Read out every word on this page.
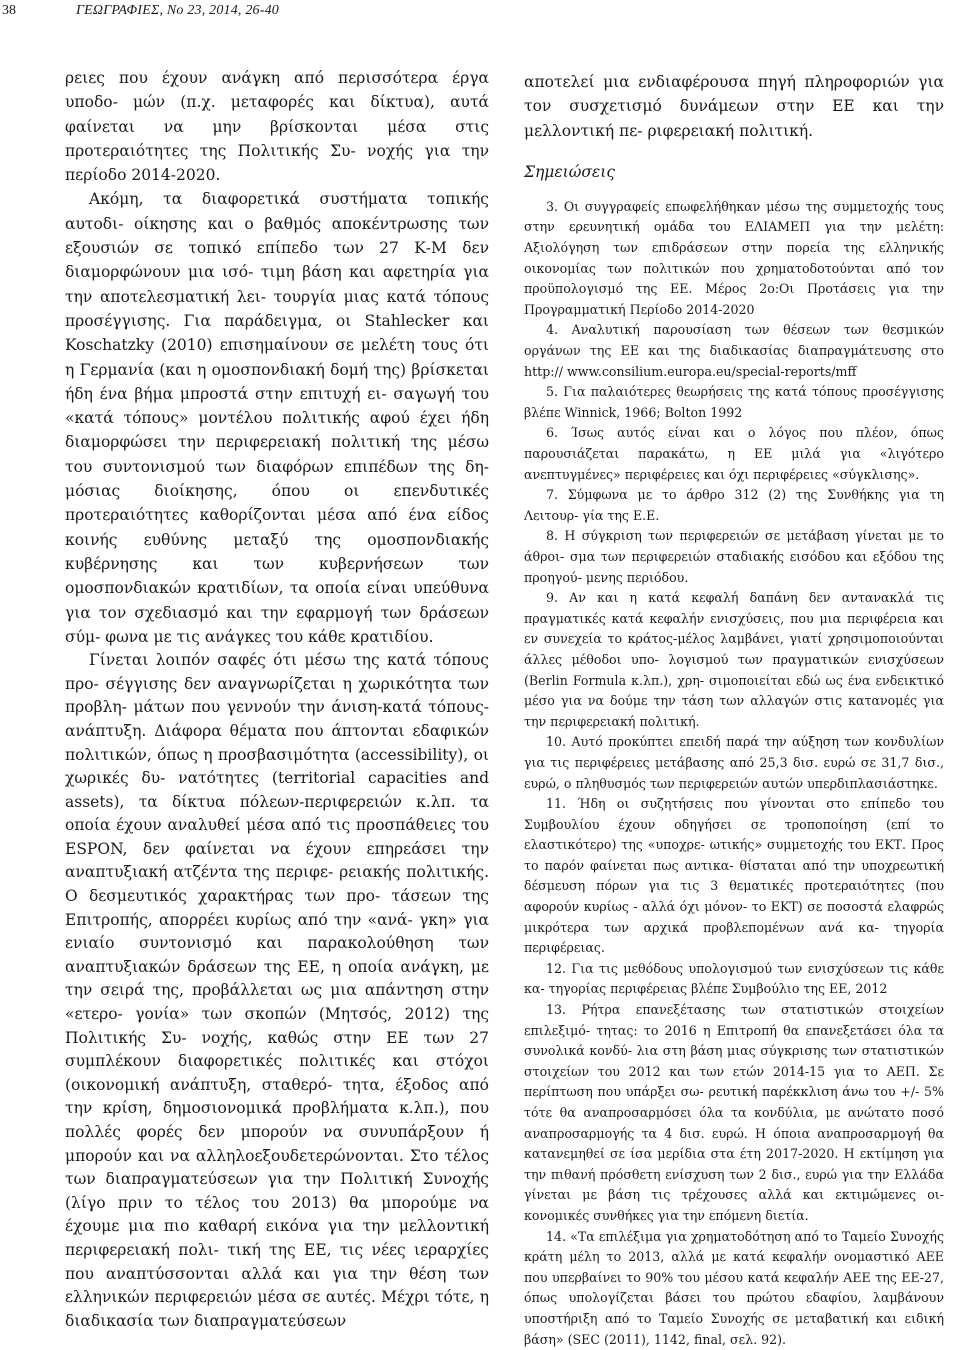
38	ΓΕΩΓΡΑΦΙΕΣ, Νο 23, 2014, 26-40

ρειες που έχουν ανάγκη από περισσότερα έργα υποδο- μών (π.χ. μεταφορές και δίκτυα), αυτά φαίνεται να μην βρίσκονται μέσα στις προτεραιότητες της Πολιτικής Συ- νοχής για την περίοδο 2014-2020.

Ακόμη, τα διαφορετικά συστήματα τοπικής αυτοδι- οίκησης και ο βαθμός αποκέντρωσης των εξουσιών σε τοπικό επίπεδο των 27 Κ-Μ δεν διαμορφώνουν μια ισό- τιμη βάση και αφετηρία για την αποτελεσματική λει- τουργία μιας κατά τόπους προσέγγισης. Για παράδειγμα, οι Stahlecker και Koschatzky (2010) επισημαίνουν σε μελέτη τους ότι η Γερμανία (και η ομοσπονδιακή δομή της) βρίσκεται ήδη ένα βήμα μπροστά στην επιτυχή ει- σαγωγή του «κατά τόπους» μοντέλου πολιτικής αφού έχει ήδη διαμορφώσει την περιφερειακή πολιτική της μέσω του συντονισμού των διαφόρων επιπέδων της δη- μόσιας διοίκησης, όπου οι επενδυτικές προτεραιότητες καθορίζονται μέσα από ένα είδος κοινής ευθύνης μεταξύ της ομοσπονδιακής κυβέρνησης και των κυβερνήσεων των ομοσπονδιακών κρατιδίων, τα οποία είναι υπεύθυνα για τον σχεδιασμό και την εφαρμογή των δράσεων σύμ- φωνα με τις ανάγκες του κάθε κρατιδίου.

Γίνεται λοιπόν σαφές ότι μέσω της κατά τόπους προ- σέγγισης δεν αναγνωρίζεται η χωρικότητα των προβλη- μάτων που γεννούν την άνιση-κατά τόπους-ανάπτυξη. Διάφορα θέματα που άπτονται εδαφικών πολιτικών, όπως η προσβασιμότητα (accessibility), οι χωρικές δυ- νατότητες (territorial capacities and assets), τα δίκτυα πόλεων-περιφερειών κ.λπ. τα οποία έχουν αναλυθεί μέσα από τις προσπάθειες του ESPON, δεν φαίνεται να έχουν επηρεάσει την αναπτυξιακή ατζέντα της περιφε- ρειακής πολιτικής. Ο δεσμευτικός χαρακτήρας των προ- τάσεων της Επιτροπής, απορρέει κυρίως από την «ανά- γκη» για ενιαίο συντονισμό και παρακολούθηση των αναπτυξιακών δράσεων της ΕΕ, η οποία ανάγκη, με την σειρά της, προβάλλεται ως μια απάντηση στην «ετερο- γονία» των σκοπών (Μητσός, 2012) της Πολιτικής Συ- νοχής, καθώς στην ΕΕ των 27 συμπλέκουν διαφορετικές πολιτικές και στόχοι (οικονομική ανάπτυξη, σταθερό- τητα, έξοδος από την κρίση, δημοσιονομικά προβλήματα κ.λπ.), που πολλές φορές δεν μπορούν να συνυπάρξουν ή μπορούν και να αλληλοεξουδετερώνονται. Στο τέλος των διαπραγματεύσεων για την Πολιτική Συνοχής (λίγο πριν το τέλος του 2013) θα μπορούμε να έχουμε μια πιο καθαρή εικόνα για την μελλοντική περιφερειακή πολι- τική της ΕΕ, τις νέες ιεραρχίες που αναπτύσσονται αλλά και για την θέση των ελληνικών περιφερειών μέσα σε αυτές. Μέχρι τότε, η διαδικασία των διαπραγματεύσεων

αποτελεί μια ενδιαφέρουσα πηγή πληροφοριών για τον συσχετισμό δυνάμεων στην ΕΕ και την μελλοντική πε- ριφερειακή πολιτική.

Σημειώσεις

3. Οι συγγραφείς επωφελήθηκαν μέσω της συμμετοχής τους στην ερευνητική ομάδα του ΕΛΙΑΜΕΠ για την μελέτη: Αξιολόγηση των επιδράσεων στην πορεία της ελληνικής οικονομίας των πολιτικών που χρηματοδοτούνται από τον προϋπολογισμό της ΕΕ. Μέρος 2ο:Οι Προτάσεις για την Προγραμματική Περίοδο 2014-2020

4. Αναλυτική παρουσίαση των θέσεων των θεσμικών οργάνων της ΕΕ και της διαδικασίας διαπραγμάτευσης στο http:// www.consilium.europa.eu/special-reports/mff

5. Για παλαιότερες θεωρήσεις της κατά τόπους προσέγγισης βλέπε Winnick, 1966; Bolton 1992

6. Ίσως αυτός είναι και ο λόγος που πλέον, όπως παρουσιάζεται παρακάτω, η ΕΕ μιλά για «λιγότερο ανεπτυγμένες» περιφέρειες και όχι περιφέρειες «σύγκλισης».

7. Σύμφωνα με το άρθρο 312 (2) της Συνθήκης για τη Λειτουρ- γία της Ε.Ε.

8. Η σύγκριση των περιφερειών σε μετάβαση γίνεται με το άθροι- σμα των περιφερειών σταδιακής εισόδου και εξόδου της προηγού- μενης περιόδου.

9. Αν και η κατά κεφαλή δαπάνη δεν αντανακλά τις πραγματικές κατά κεφαλήν ενισχύσεις, που μια περιφέρεια και εν συνεχεία το κράτος-μέλος λαμβάνει, γιατί χρησιμοποιούνται άλλες μέθοδοι υπο- λογισμού των πραγματικών ενισχύσεων (Berlin Formula κ.λπ.), χρη- σιμοποιείται εδώ ως ένα ενδεικτικό μέσο για να δούμε την τάση των αλλαγών στις κατανομές για την περιφερειακή πολιτική.

10. Αυτό προκύπτει επειδή παρά την αύξηση των κονδυλίων για τις περιφέρειες μετάβασης από 25,3 δισ. ευρώ σε 31,7 δισ., ευρώ, ο πληθυσμός των περιφερειών αυτών υπερδιπλασιάστηκε.

11. Ήδη οι συζητήσεις που γίνονται στο επίπεδο του Συμβουλίου έχουν οδηγήσει σε τροποποίηση (επί το ελαστικότερο) της «υποχρε- ωτικής» συμμετοχής του ΕΚΤ. Προς το παρόν φαίνεται πως αντικα- θίσταται από την υποχρεωτική δέσμευση πόρων για τις 3 θεματικές προτεραιότητες (που αφορούν κυρίως - αλλά όχι μόνον- το ΕΚΤ) σε ποσοστά ελαφρώς μικρότερα των αρχικά προβλεπομένων ανά κα- τηγορία περιφέρειας.

12. Για τις μεθόδους υπολογισμού των ενισχύσεων τις κάθε κα- τηγορίας περιφέρειας βλέπε Συμβούλιο της ΕΕ, 2012

13. Ρήτρα επανεξέτασης των στατιστικών στοιχείων επιλεξιμό- τητας: το 2016 η Επιτροπή θα επανεξετάσει όλα τα συνολικά κονδύ- λια στη βάση μιας σύγκρισης των στατιστικών στοιχείων του 2012 και των ετών 2014-15 για το ΑΕΠ. Σε περίπτωση που υπάρξει σω- ρευτική παρέκκλιση άνω του +/- 5% τότε θα αναπροσαρμόσει όλα τα κονδύλια, με ανώτατο ποσό αναπροσαρμογής τα 4 δισ. ευρώ. Η όποια αναπροσαρμογή θα κατανεμηθεί σε ίσα μερίδια στα έτη 2017-2020. Η εκτίμηση για την πιθανή πρόσθετη ενίσχυση των 2 δισ., ευρώ για την Ελλάδα γίνεται με βάση τις τρέχουσες αλλά και εκτιμώμενες οι- κονομικές συνθήκες για την επόμενη διετία.

14. «Τα επιλέξιμα για χρηματοδότηση από το Ταμείο Συνοχής κράτη μέλη το 2013, αλλά με κατά κεφαλήν ονομαστικό ΑΕΕ που υπερβαίνει το 90% του μέσου κατά κεφαλήν ΑΕΕ της ΕΕ-27, όπως υπολογίζεται βάσει του πρώτου εδαφίου, λαμβάνουν υποστήριξη από το Ταμείο Συνοχής σε μεταβατική και ειδική βάση» (SEC (2011), 1142, final, σελ. 92).
